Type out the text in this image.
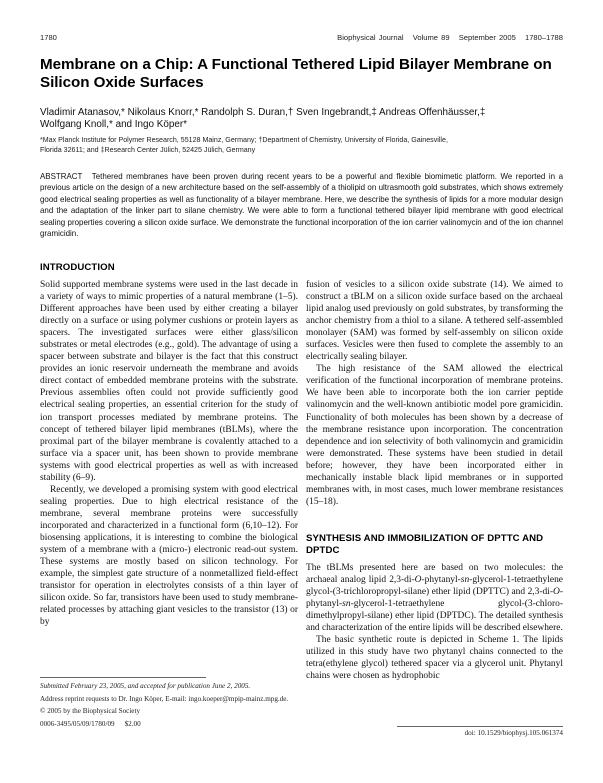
1780	Biophysical Journal Volume 89 September 2005 1780–1788
Membrane on a Chip: A Functional Tethered Lipid Bilayer Membrane on Silicon Oxide Surfaces
Vladimir Atanasov,* Nikolaus Knorr,* Randolph S. Duran,† Sven Ingebrandt,‡ Andreas Offenhäusser,‡
Wolfgang Knoll,* and Ingo Köper*
*Max Planck Institute for Polymer Research, 55128 Mainz, Germany; †Department of Chemistry, University of Florida, Gainesville,
Florida 32611; and ‡Research Center Jülich, 52425 Jülich, Germany
ABSTRACT Tethered membranes have been proven during recent years to be a powerful and flexible biomimetic platform. We reported in a previous article on the design of a new architecture based on the self-assembly of a thiolipid on ultrasmooth gold substrates, which shows extremely good electrical sealing properties as well as functionality of a bilayer membrane. Here, we describe the synthesis of lipids for a more modular design and the adaptation of the linker part to silane chemistry. We were able to form a functional tethered bilayer lipid membrane with good electrical sealing properties covering a silicon oxide surface. We demonstrate the functional incorporation of the ion carrier valinomycin and of the ion channel gramicidin.
INTRODUCTION

Solid supported membrane systems were used in the last decade in a variety of ways to mimic properties of a natural membrane (1–5). Different approaches have been used by either creating a bilayer directly on a surface or using polymer cushions or protein layers as spacers. The investigated surfaces were either glass/silicon substrates or metal electrodes (e.g., gold). The advantage of using a spacer between substrate and bilayer is the fact that this construct provides an ionic reservoir underneath the membrane and avoids direct contact of embedded membrane proteins with the substrate. Previous assemblies often could not provide sufficiently good electrical sealing properties, an essential criterion for the study of ion transport processes mediated by membrane proteins. The concept of tethered bilayer lipid membranes (tBLMs), where the proximal part of the bilayer membrane is covalently attached to a surface via a spacer unit, has been shown to provide membrane systems with good electrical properties as well as with increased stability (6–9).

Recently, we developed a promising system with good electrical sealing properties. Due to high electrical resistance of the membrane, several membrane proteins were successfully incorporated and characterized in a functional form (6,10–12). For biosensing applications, it is interesting to combine the biological system of a membrane with a (micro-) electronic read-out system. These systems are mostly based on silicon technology. For example, the simplest gate structure of a nonmetallized field-effect transistor for operation in electrolytes consists of a thin layer of silicon oxide. So far, transistors have been used to study membrane-related processes by attaching giant vesicles to the transistor (13) or by

fusion of vesicles to a silicon oxide substrate (14). We aimed to construct a tBLM on a silicon oxide surface based on the archaeal lipid analog used previously on gold substrates, by transforming the anchor chemistry from a thiol to a silane. A tethered self-assembled monolayer (SAM) was formed by self-assembly on silicon oxide surfaces. Vesicles were then fused to complete the assembly to an electrically sealing bilayer.

The high resistance of the SAM allowed the electrical verification of the functional incorporation of membrane proteins. We have been able to incorporate both the ion carrier peptide valinomycin and the well-known antibiotic model pore gramicidin. Functionality of both molecules has been shown by a decrease of the membrane resistance upon incorporation. The concentration dependence and ion selectivity of both valinomycin and gramicidin were demonstrated. These systems have been studied in detail before; however, they have been incorporated either in mechanically instable black lipid membranes or in supported membranes with, in most cases, much lower membrane resistances (15–18).

SYNTHESIS AND IMMOBILIZATION OF DPTTC AND DPTDC

The tBLMs presented here are based on two molecules: the archaeal analog lipid 2,3-di-O-phytanyl-sn-glycerol-1-tetraethylene glycol-(3-trichloropropyl-silane) ether lipid (DPTTC) and 2,3-di-O-phytanyl-sn-glycerol-1-tetraethylene glycol-(3-chloro-dimethylpropyl-silane) ether lipid (DPTDC). The detailed synthesis and characterization of the entire lipids will be described elsewhere.

The basic synthetic route is depicted in Scheme 1. The lipids utilized in this study have two phytanyl chains connected to the tetra(ethylene glycol) tethered spacer via a glycerol unit. Phytanyl chains were chosen as hydrophobic

Submitted February 23, 2005, and accepted for publication June 2, 2005.
Address reprint requests to Dr. Ingo Köper, E-mail: ingo.koeper@mpip-mainz.mpg.de.
© 2005 by the Biophysical Society
0006-3495/05/09/1780/09 $2.00
doi: 10.1529/biophysj.105.061374
